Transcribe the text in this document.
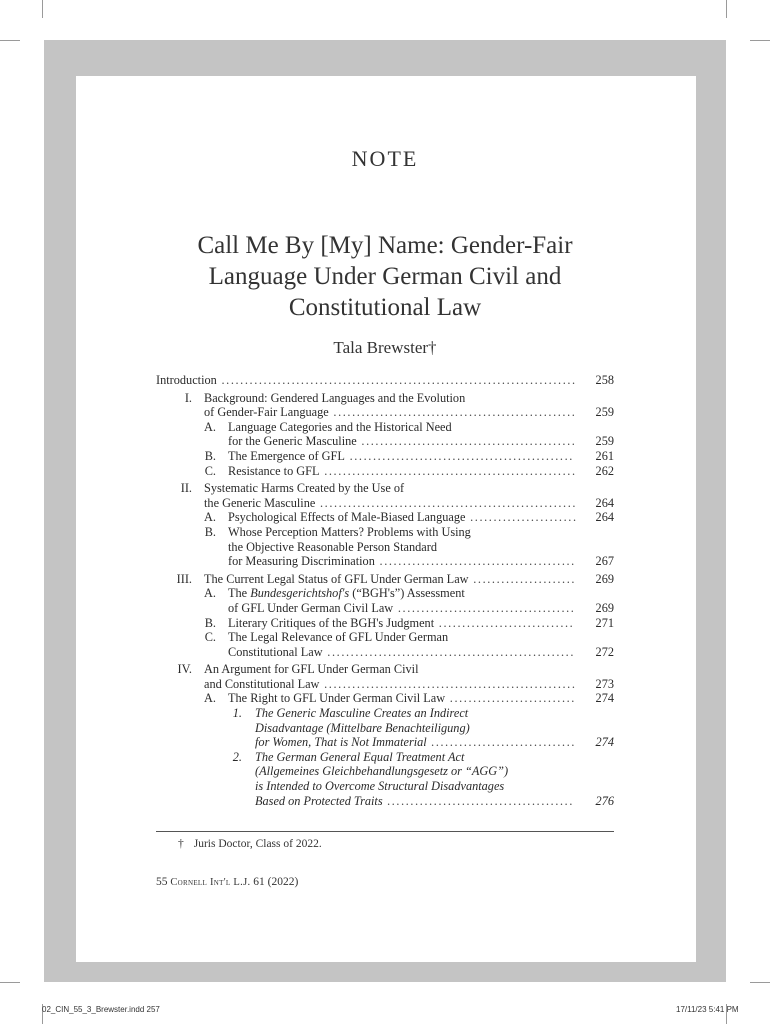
NOTE
Call Me By [My] Name: Gender-Fair
Language Under German Civil and
Constitutional Law
Tala Brewster†
Introduction ............................................................................	258
I. Background: Gendered Languages and the Evolution
of Gender-Fair Language ....................................................	259
A. Language Categories and the Historical Need
for the Generic Masculine ..............................................	259
B. The Emergence of GFL ................................................	261
C. Resistance to GFL ......................................................	262
II. Systematic Harms Created by the Use of
the Generic Masculine .......................................................	264
A. Psychological Effects of Male-Biased Language .......................	264
B. Whose Perception Matters? Problems with Using
the Objective Reasonable Person Standard
for Measuring Discrimination ..........................................	267
III. The Current Legal Status of GFL Under German Law ......................	269
A. The Bundesgerichtshof's (“BGH's”) Assessment
of GFL Under German Civil Law ......................................	269
B. Literary Critiques of the BGH's Judgment .............................	271
C. The Legal Relevance of GFL Under German
Constitutional Law .....................................................	272
IV. An Argument for GFL Under German Civil
and Constitutional Law ......................................................	273
A. The Right to GFL Under German Civil Law ...........................	274
1. The Generic Masculine Creates an Indirect
Disadvantage (Mittelbare Benachteiligung)
for Women, That is Not Immaterial ...............................	274
2. The German General Equal Treatment Act
(Allgemeines Gleichbehandlungsgesetz or “AGG”)
is Intended to Overcome Structural Disadvantages
Based on Protected Traits ........................................	276
† Juris Doctor, Class of 2022.
55 Cornell Int'l L.J. 61 (2022)
02_CIN_55_3_Brewster.indd 257	17/11/23 5:41 PM
